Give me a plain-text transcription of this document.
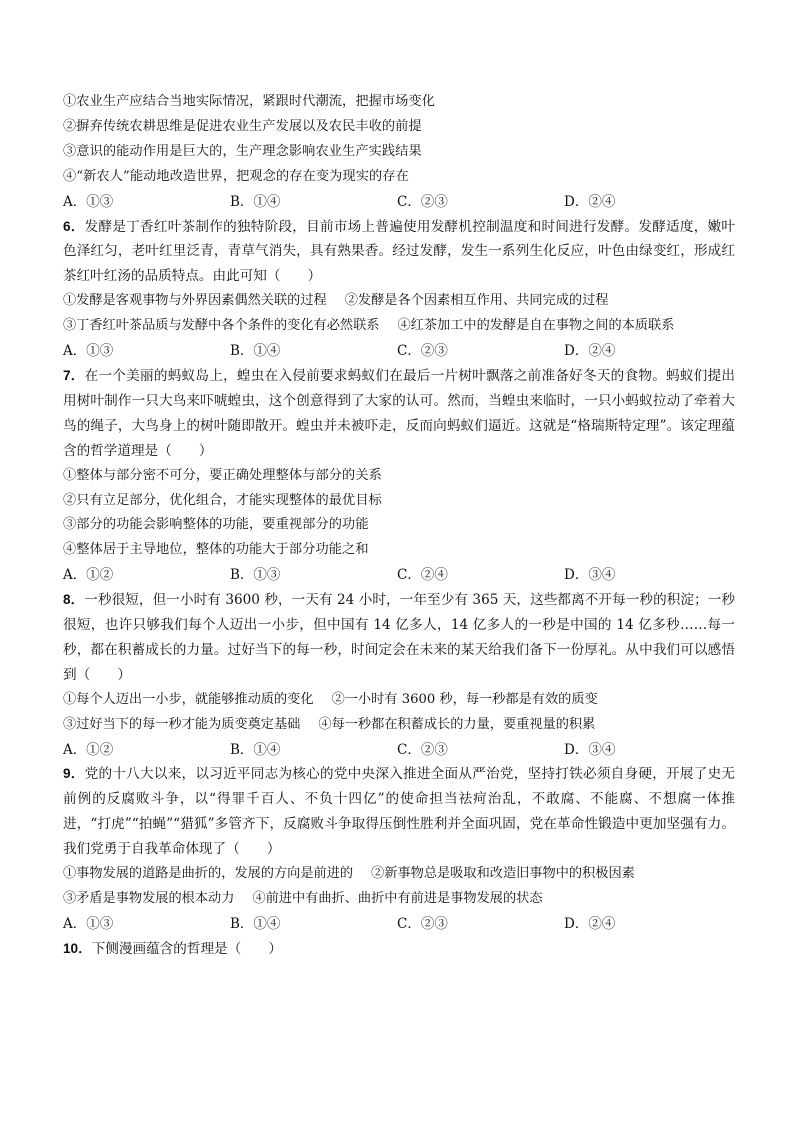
①农业生产应结合当地实际情况，紧跟时代潮流，把握市场变化
②摒弃传统农耕思维是促进农业生产发展以及农民丰收的前提
③意识的能动作用是巨大的，生产理念影响农业生产实践结果
④“新农人”能动地改造世界，把观念的存在变为现实的存在
A．①③	B．①④	C．②③	D．②④
6．发酵是丁香红叶茶制作的独特阶段，目前市场上普遍使用发酵机控制温度和时间进行发酵。发酵适度，嫩叶色泽红匀，老叶红里泛青，青草气消失，具有熟果香。经过发酵，发生一系列生化反应，叶色由绿变红，形成红茶红叶红汤的品质特点。由此可知（　　）
①发酵是客观事物与外界因素偶然关联的过程 ②发酵是各个因素相互作用、共同完成的过程
③丁香红叶茶品质与发酵中各个条件的变化有必然联系 ④红茶加工中的发酵是自在事物之间的本质联系
A．①③	B．①④	C．②③	D．②④
7．在一个美丽的蚂蚁岛上，蝗虫在入侵前要求蚂蚁们在最后一片树叶飘落之前准备好冬天的食物。蚂蚁们提出用树叶制作一只大鸟来吓唬蝗虫，这个创意得到了大家的认可。然而，当蝗虫来临时，一只小蚂蚁拉动了牵着大鸟的绳子，大鸟身上的树叶随即散开。蝗虫并未被吓走，反而向蚂蚁们逼近。这就是“格瑞斯特定理”。该定理蕴含的哲学道理是（　　）
①整体与部分密不可分，要正确处理整体与部分的关系
②只有立足部分，优化组合，才能实现整体的最优目标
③部分的功能会影响整体的功能，要重视部分的功能
④整体居于主导地位，整体的功能大于部分功能之和
A．①②	B．①③	C．②④	D．③④
8．一秒很短，但一小时有 3600 秒，一天有 24 小时，一年至少有 365 天，这些都离不开每一秒的积淀；一秒很短，也许只够我们每个人迈出一小步，但中国有 14 亿多人，14 亿多人的一秒是中国的 14 亿多秒……每一秒，都在积蓄成长的力量。过好当下的每一秒，时间定会在未来的某天给我们备下一份厚礼。从中我们可以感悟到（　　）
①每个人迈出一小步，就能够推动质的变化 ②一小时有 3600 秒，每一秒都是有效的质变
③过好当下的每一秒才能为质变奠定基础 ④每一秒都在积蓄成长的力量，要重视量的积累
A．①②	B．①④	C．②③	D．③④
9．党的十八大以来，以习近平同志为核心的党中央深入推进全面从严治党，坚持打铁必须自身硬，开展了史无前例的反腐败斗争，以“得罪千百人、不负十四亿”的使命担当祛疴治乱，不敢腐、不能腐、不想腐一体推进，“打虎”“拍蝇”“猎狐”多管齐下，反腐败斗争取得压倒性胜利并全面巩固，党在革命性锻造中更加坚强有力。我们党勇于自我革命体现了（　　）
①事物发展的道路是曲折的，发展的方向是前进的 ②新事物总是吸取和改造旧事物中的积极因素
③矛盾是事物发展的根本动力 ④前进中有曲折、曲折中有前进是事物发展的状态
A．①③	B．①④	C．②③	D．②④
10．下侧漫画蕴含的哲理是（　　）
